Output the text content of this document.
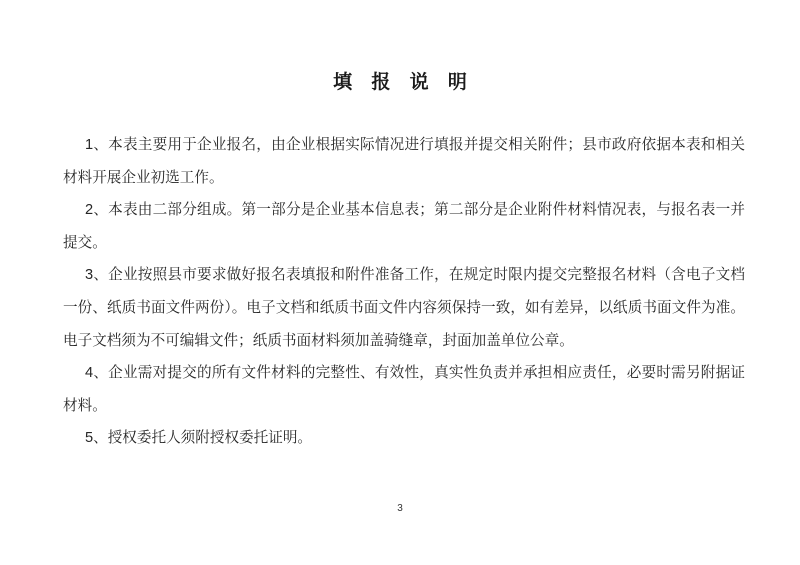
填 报 说 明

1、本表主要用于企业报名，由企业根据实际情况进行填报并提交相关附件；县市政府依据本表和相关材料开展企业初选工作。

2、本表由二部分组成。第一部分是企业基本信息表；第二部分是企业附件材料情况表，与报名表一并提交。

3、企业按照县市要求做好报名表填报和附件准备工作，在规定时限内提交完整报名材料（含电子文档一份、纸质书面文件两份）。电子文档和纸质书面文件内容须保持一致，如有差异，以纸质书面文件为准。电子文档须为不可编辑文件；纸质书面材料须加盖骑缝章，封面加盖单位公章。

4、企业需对提交的所有文件材料的完整性、有效性，真实性负责并承担相应责任，必要时需另附据证材料。

5、授权委托人须附授权委托证明。

3
